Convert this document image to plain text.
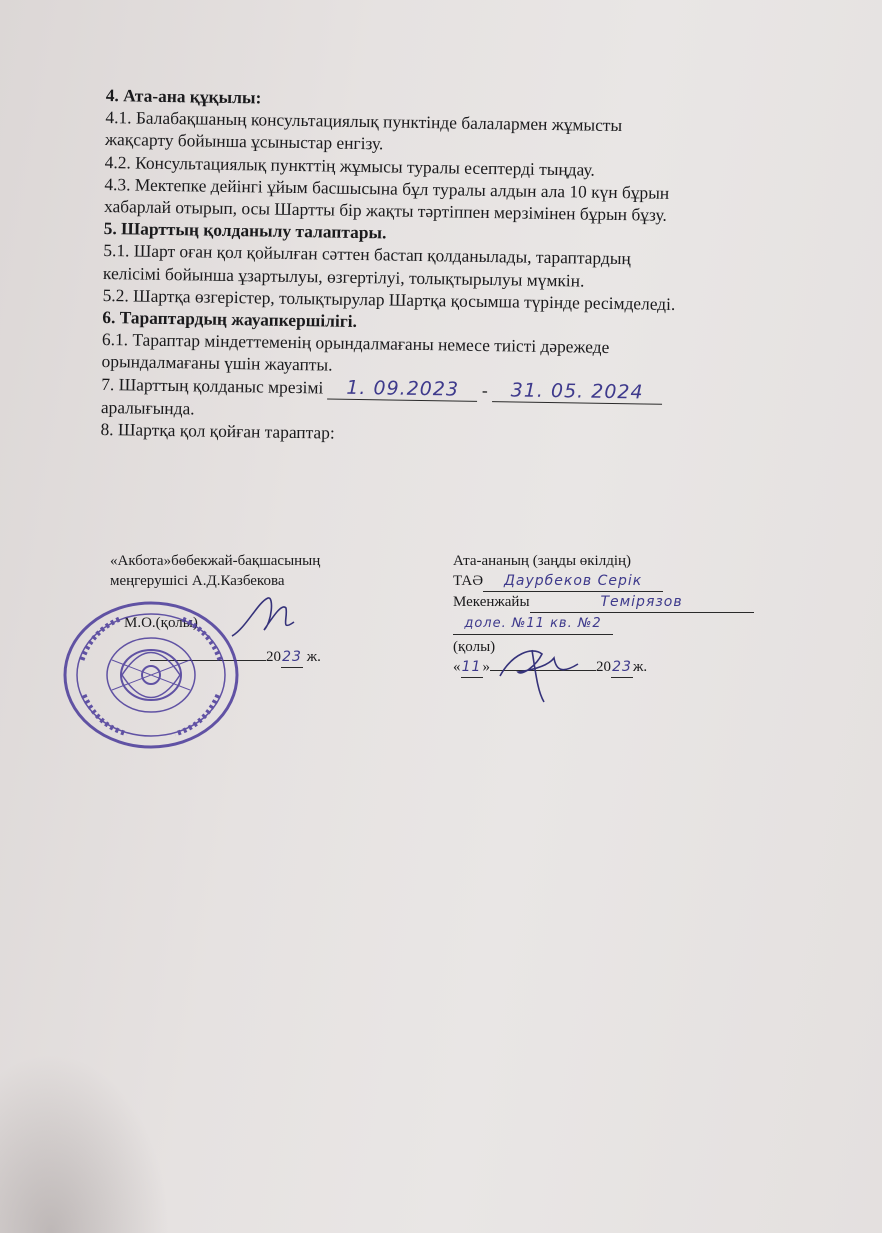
4. Ата-ана құқылы:

4.1. Балабақшаның консультациялық пунктінде балалармен жұмысты

жақсарту бойынша ұсыныстар енгізу.

4.2. Консультациялық пункттің жұмысы туралы есептерді тыңдау.

4.3. Мектепке дейінгі ұйым басшысына бұл туралы алдын ала 10 күн бұрын

хабарлай отырып, осы Шартты бір жақты тәртіппен мерзімінен бұрын бұзу.

5. Шарттың қолданылу талаптары.

5.1. Шарт оған қол қойылған сәттен бастап қолданылады, тараптардың

келісімі бойынша ұзартылуы, өзгертілуі, толықтырылуы мүмкін.

5.2. Шартқа өзгерістер, толықтырулар Шартқа қосымша түрінде ресімделеді.

6. Тараптардың жауапкершілігі.

6.1. Тараптар міндеттеменің орындалмағаны немесе тиісті дәрежеде

орындалмағаны үшін жауапты.

7. Шарттың қолданыс мрезімі 1. 09.2023 - 31. 05. 2024

аралығында.

8. Шартқа қол қойған тараптар:

«Акбота»бөбекжай-бақшасының

меңгерушісі А.Д.Казбекова

М.О.(қолы)

2023 ж.

Ата-ананың (заңды өкілдің)

ТАӘ Даурбеков Серік

Мекенжайы	Темірязов

доле. №11 кв. №2

(қолы)

«11»	2023ж.
